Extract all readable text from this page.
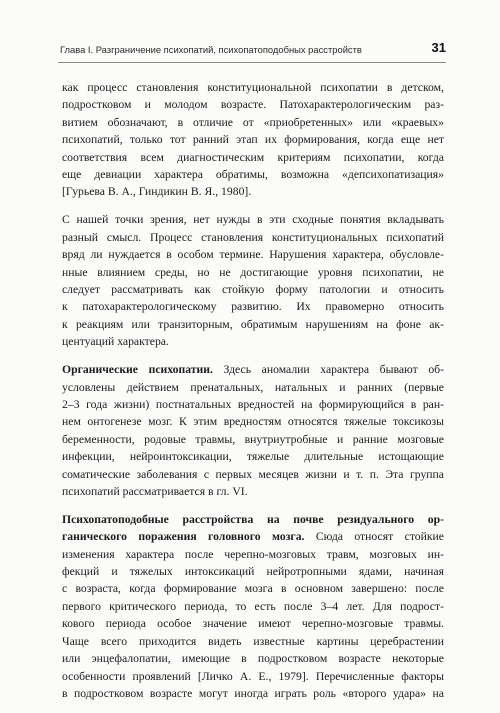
Глава I. Разграничение психопатий, психопатоподобных расстройств	31

как процесс становления конституциональной психопатии в детском,
подростковом и молодом возрасте. Патохарактерологическим раз-
витием обозначают, в отличие от «приобретенных» или «краевых»
психопатий, только тот ранний этап их формирования, когда еще нет
соответствия всем диагностическим критериям психопатии, когда
еще девиации характера обратимы, возможна «депсихопатизация»
[Гурьева В. А., Гиндикин В. Я., 1980].

С нашей точки зрения, нет нужды в эти сходные понятия вкладывать
разный смысл. Процесс становления конституциональных психопатий
вряд ли нуждается в особом термине. Нарушения характера, обусловле-
нные влиянием среды, но не достигающие уровня психопатии, не
следует рассматривать как стойкую форму патологии и относить
к патохарактерологическому развитию. Их правомерно относить
к реакциям или транзиторным, обратимым нарушениям на фоне ак-
центуаций характера.

Органические психопатии. Здесь аномалии характера бывают об-
условлены действием пренатальных, натальных и ранних (первые
2–3 года жизни) постнатальных вредностей на формирующийся в ран-
нем онтогенезе мозг. К этим вредностям относятся тяжелые токсикозы
беременности, родовые травмы, внутриутробные и ранние мозговые
инфекции, нейроинтоксикации, тяжелые длительные истощающие
соматические заболевания с первых месяцев жизни и т. п. Эта группа
психопатий рассматривается в гл. VI.

Психопатоподобные расстройства на почве резидуального ор-
ганического поражения головного мозга. Сюда относят стойкие
изменения характера после черепно-мозговых травм, мозговых ин-
фекций и тяжелых интоксикаций нейротропными ядами, начиная
с возраста, когда формирование мозга в основном завершено: после
первого критического периода, то есть после 3–4 лет. Для подрост-
кового периода особое значение имеют черепно-мозговые травмы.
Чаще всего приходится видеть известные картины церебрастении
или энцефалопатии, имеющие в подростковом возрасте некоторые
особенности проявлений [Личко А. Е., 1979]. Перечисленные факторы
в подростковом возрасте могут иногда играть роль «второго удара» на
